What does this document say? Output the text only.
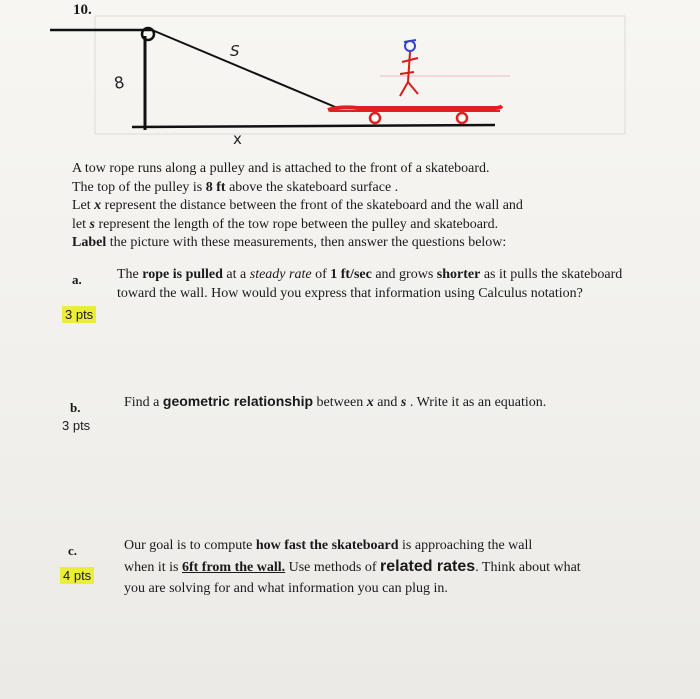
10.
8
S
x

A tow rope runs along a pulley and is attached to the front of a skateboard.

The top of the pulley is 8 ft above the skateboard surface .

Let x represent the distance between the front of the skateboard and the wall and

let s represent the length of the tow rope between the pulley and skateboard.

Label the picture with these measurements, then answer the questions below:

a.
3 pts

The rope is pulled at a steady rate of 1 ft/sec and grows shorter as it pulls the skateboard

toward the wall. How would you express that information using Calculus notation?

b.
3 pts

Find a geometric relationship between x and s . Write it as an equation.

c.
4 pts

Our goal is to compute how fast the skateboard is approaching the wall

when it is 6ft from the wall. Use methods of related rates. Think about what

you are solving for and what information you can plug in.
